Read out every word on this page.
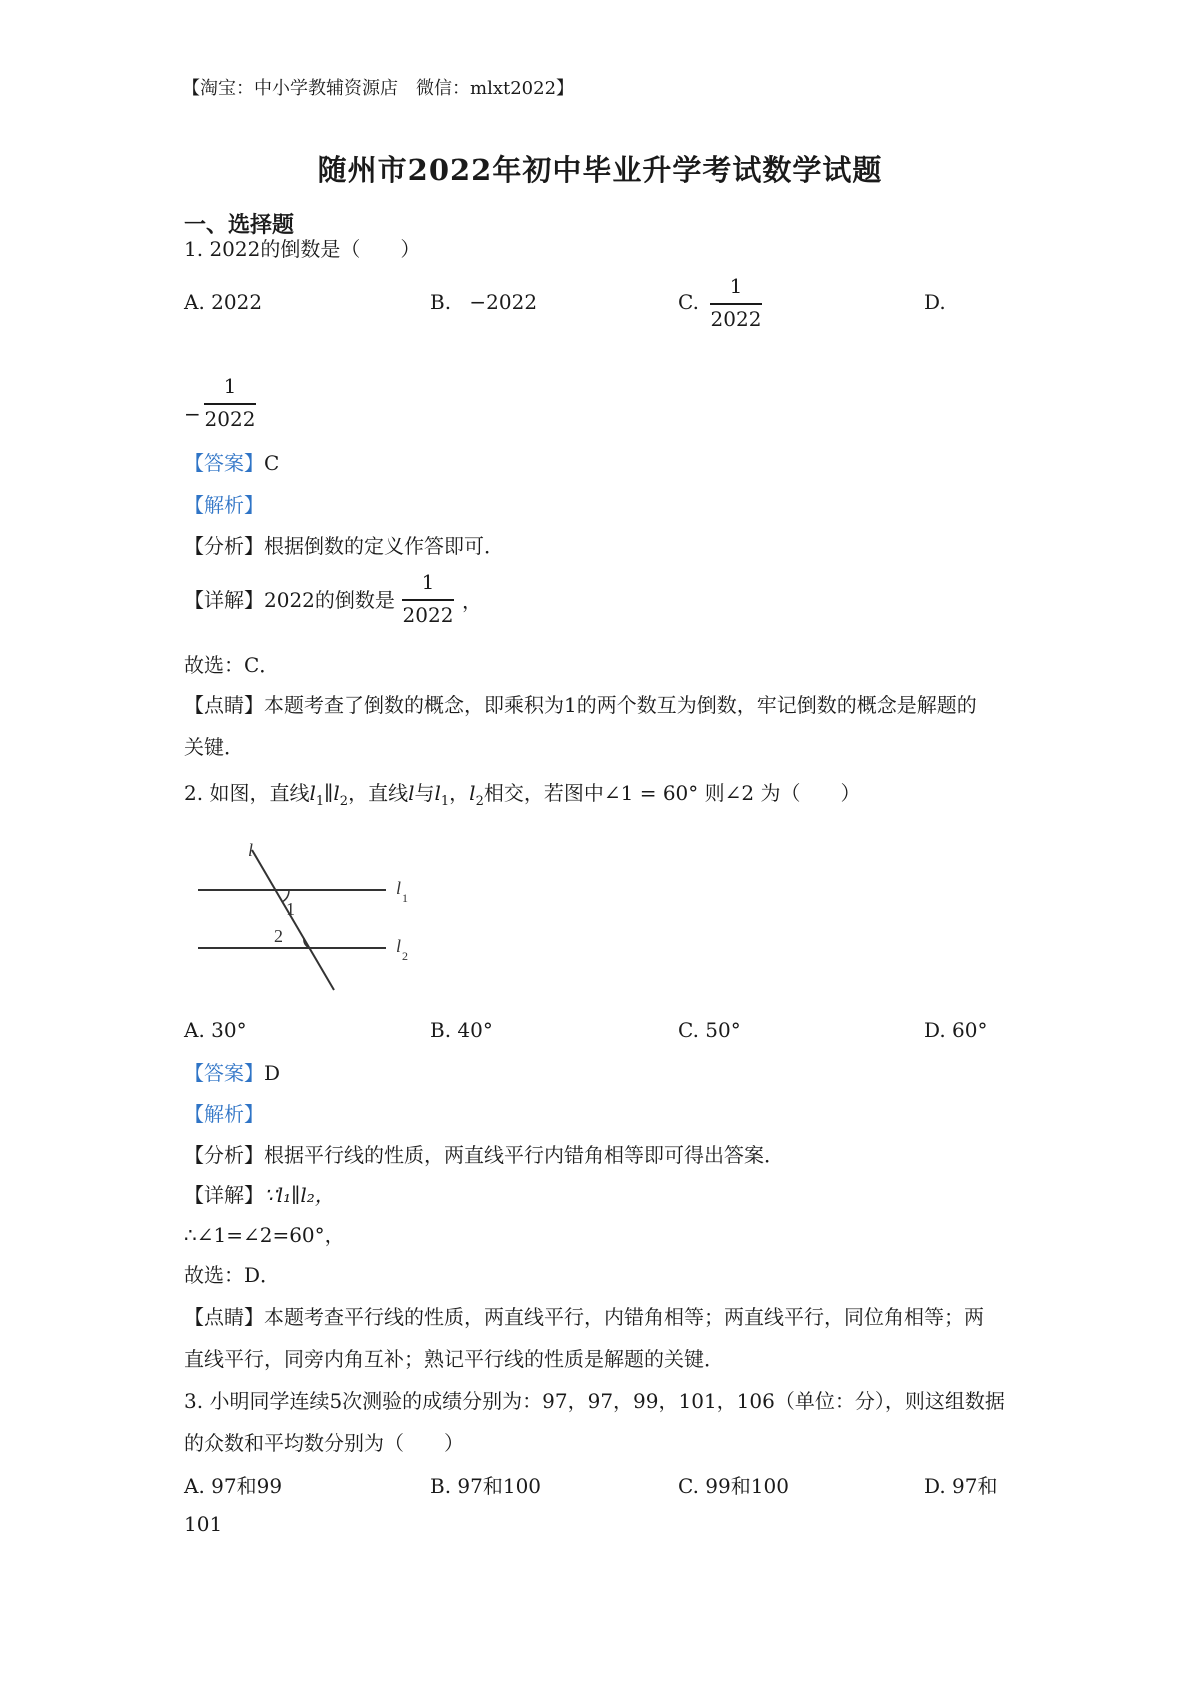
【淘宝：中小学教辅资源店　微信：mlxt2022】
随州市2022年初中毕业升学考试数学试题
一、选择题
1. 2022的倒数是（　　）
A. 2022	B. −2022	C.
1
2022
D.
−
1
2022
【答案】C
【解析】
【分析】根据倒数的定义作答即可．
【详解】2022的倒数是
1
2022
，
故选：C．
【点睛】本题考查了倒数的概念，即乘积为1的两个数互为倒数，牢记倒数的概念是解题的
关键．
2. 如图，直线$l_1\parallel l_2$，直线l与$l_1$，$l_2$相交，若图中∠1 = 60° 则∠2 为（　　）
l
1
2
l 1
l 2
A. 30°	B. 40°	C. 50°	D. 60°
【答案】D
【解析】
【分析】根据平行线的性质，两直线平行内错角相等即可得出答案．
【详解】∵l₁∥l₂，
∴∠1=∠2=60°，
故选：D．
【点睛】本题考查平行线的性质，两直线平行，内错角相等；两直线平行，同位角相等；两
直线平行，同旁内角互补；熟记平行线的性质是解题的关键．
3. 小明同学连续5次测验的成绩分别为：97，97，99，101，106（单位：分），则这组数据
的众数和平均数分别为（　　）
A. 97和99	B. 97和100	C. 99和100	D. 97和
101
